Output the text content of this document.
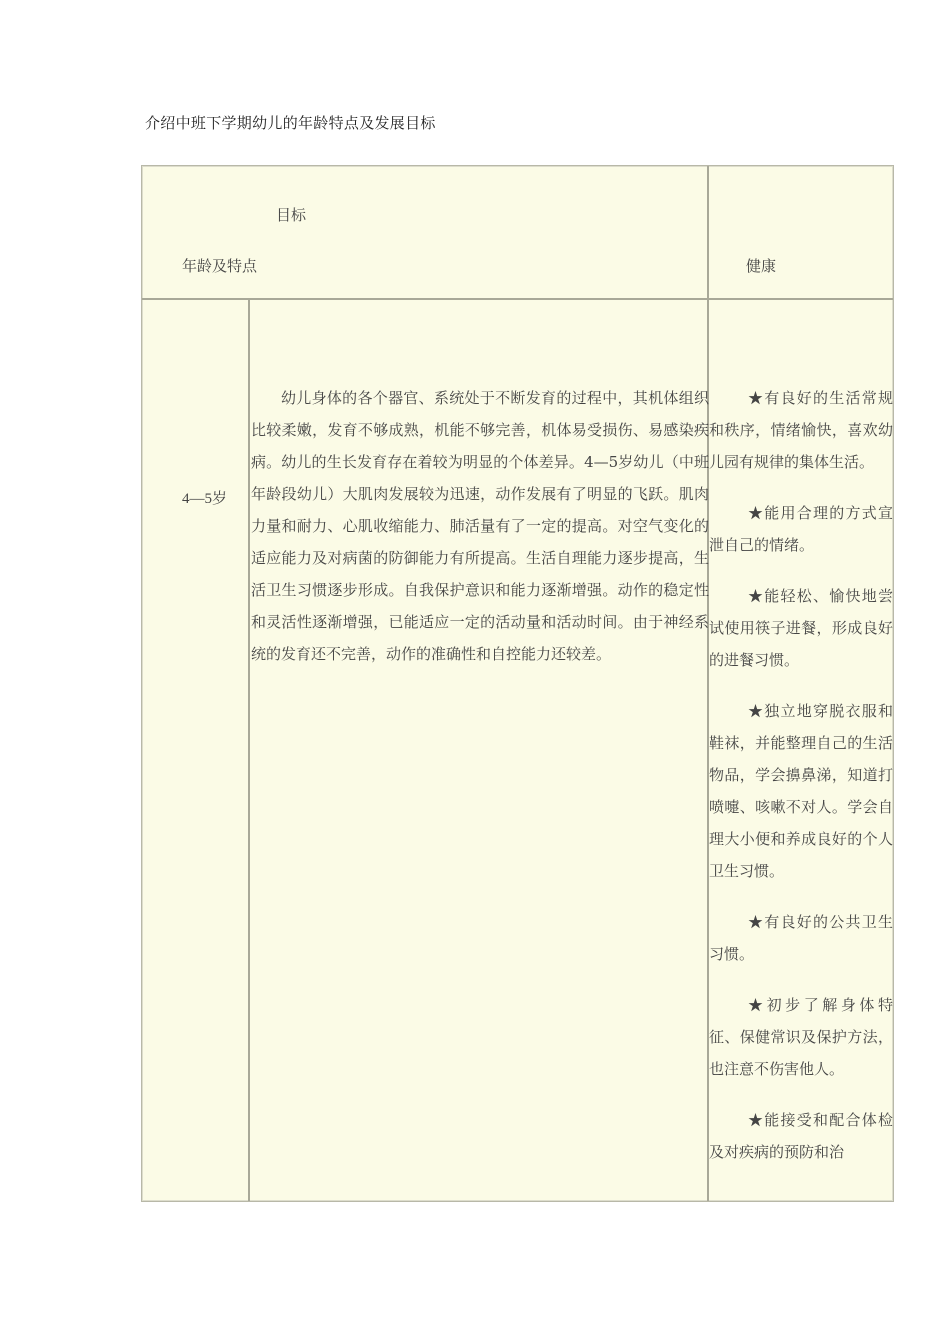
介绍中班下学期幼儿的年龄特点及发展目标
目标
年龄及特点	健康
4—5岁

幼儿身体的各个器官、系统处于不断发育的过程中，其机体组织比较柔嫩，发育不够成熟，机能不够完善，机体易受损伤、易感染疾病。幼儿的生长发育存在着较为明显的个体差异。4—5岁幼儿（中班年龄段幼儿）大肌肉发展较为迅速，动作发展有了明显的飞跃。肌肉力量和耐力、心肌收缩能力、肺活量有了一定的提高。对空气变化的适应能力及对病菌的防御能力有所提高。生活自理能力逐步提高，生活卫生习惯逐步形成。自我保护意识和能力逐渐增强。动作的稳定性和灵活性逐渐增强，已能适应一定的活动量和活动时间。由于神经系统的发育还不完善，动作的准确性和自控能力还较差。

★有良好的生活常规和秩序，情绪愉快，喜欢幼儿园有规律的集体生活。

★能用合理的方式宣泄自己的情绪。

★能轻松、愉快地尝试使用筷子进餐，形成良好的进餐习惯。

★独立地穿脱衣服和鞋袜，并能整理自己的生活物品，学会擤鼻涕，知道打喷嚏、咳嗽不对人。学会自理大小便和养成良好的个人卫生习惯。

★有良好的公共卫生习惯。

★初步了解身体特征、保健常识及保护方法，也注意不伤害他人。

★能接受和配合体检及对疾病的预防和治
